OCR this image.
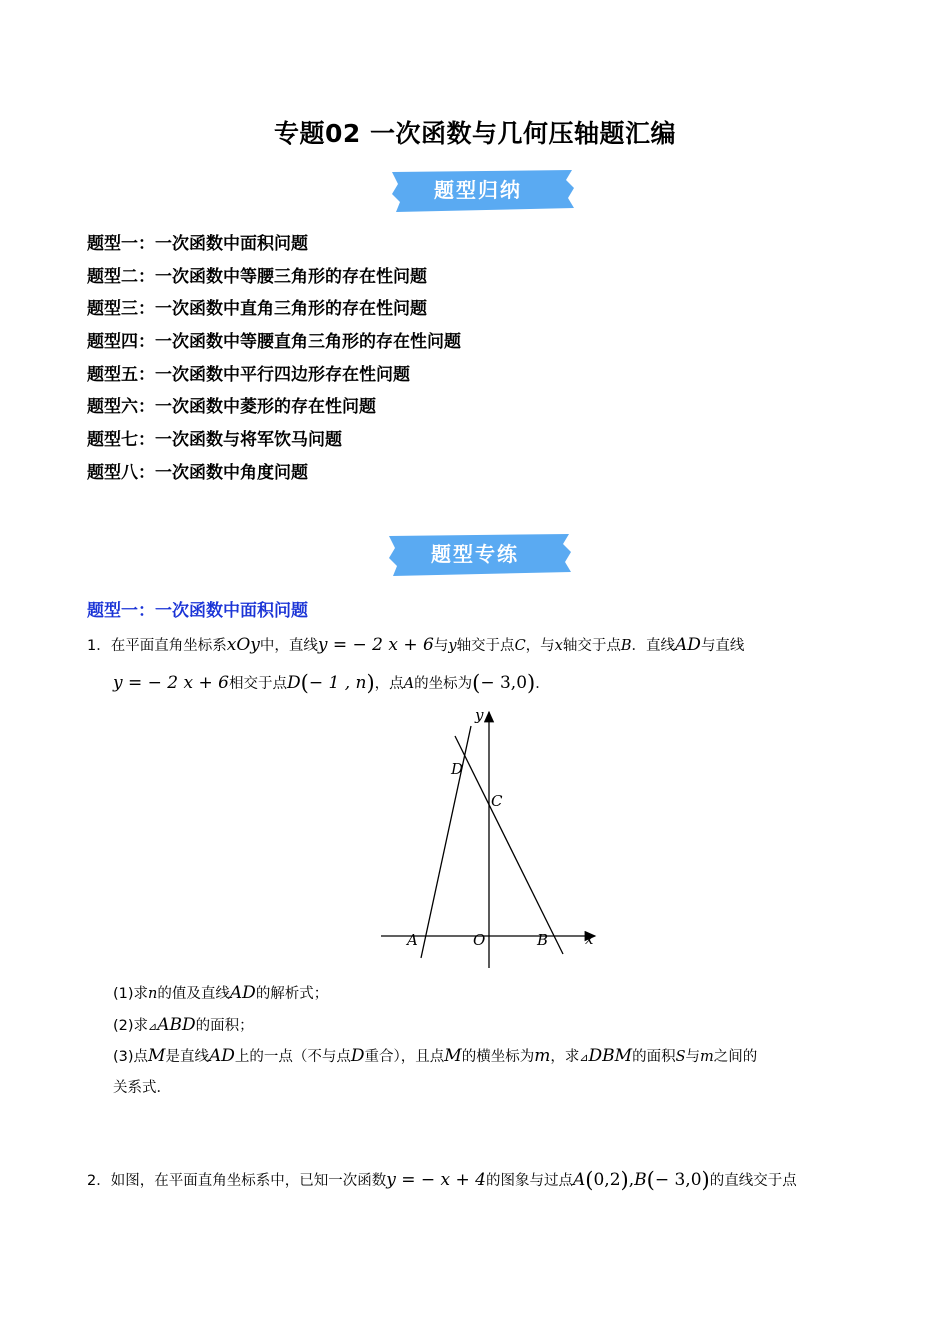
专题02 一次函数与几何压轴题汇编
题型归纳
题型一：一次函数中面积问题
题型二：一次函数中等腰三角形的存在性问题
题型三：一次函数中直角三角形的存在性问题
题型四：一次函数中等腰直角三角形的存在性问题
题型五：一次函数中平行四边形存在性问题
题型六：一次函数中菱形的存在性问题
题型七：一次函数与将军饮马问题
题型八：一次函数中角度问题
题型专练
题型一：一次函数中面积问题
1．在平面直角坐标系xOy中，直线y = − 2 x + 6与y轴交于点C，与x轴交于点B．直线AD与直线
y = − 2 x + 6相交于点D(− 1 , n)，点A的坐标为(− 3,0)．
y
x
D
C
A	O	B
(1)求n的值及直线AD的解析式；
(2)求⊿ABD的面积；
(3)点M是直线AD上的一点（不与点D重合），且点M的横坐标为m，求⊿DBM的面积S与m之间的
关系式．
2．如图，在平面直角坐标系中，已知一次函数y = − x + 4的图象与过点A(0,2),B(− 3,0)的直线交于点
